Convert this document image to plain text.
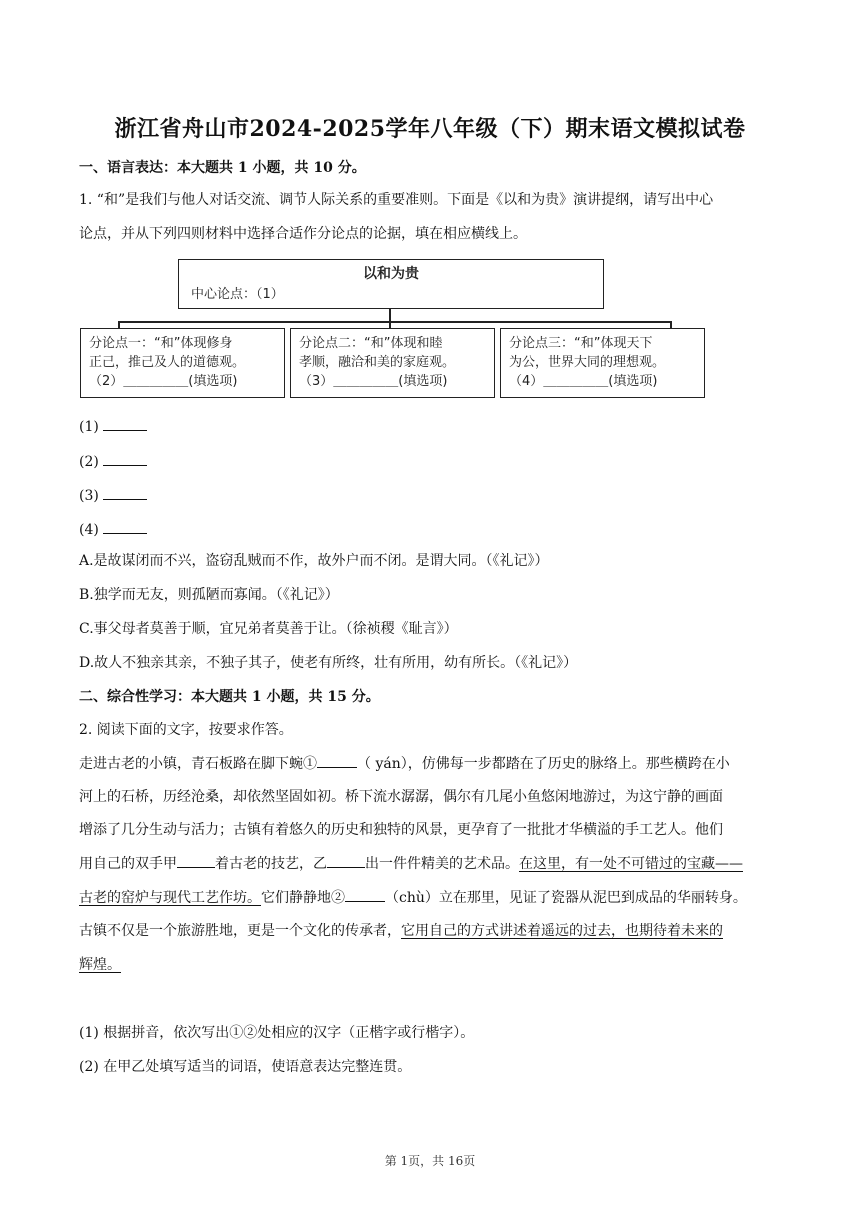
浙江省舟山市2024-2025学年八年级（下）期末语文模拟试卷
一、语言表达：本大题共 1 小题，共 10 分。
1. “和”是我们与他人对话交流、调节人际关系的重要准则。下面是《以和为贵》演讲提纲，请写出中心
论点，并从下列四则材料中选择合适作分论点的论据，填在相应横线上。
以和为贵
中心论点：（1）
分论点一：“和”体现修身
正己，推己及人的道德观。
（2）＿＿＿＿＿(填选项)
分论点二：“和”体现和睦
孝顺，融洽和美的家庭观。
（3）＿＿＿＿＿(填选项)
分论点三：“和”体现天下
为公，世界大同的理想观。
（4）＿＿＿＿＿(填选项)
(1)
(2)
(3)
(4)
A.是故谋闭而不兴，盗窃乱贼而不作，故外户而不闭。是谓大同。（《礼记》）
B.独学而无友，则孤陋而寡闻。（《礼记》）
C.事父母者莫善于顺，宜兄弟者莫善于让。（徐祯稷《耻言》）
D.故人不独亲其亲，不独子其子，使老有所终，壮有所用，幼有所长。（《礼记》）
二、综合性学习：本大题共 1 小题，共 15 分。
2. 阅读下面的文字，按要求作答。
走进古老的小镇，青石板路在脚下蜿①	（ yán），仿佛每一步都踏在了历史的脉络上。那些横跨在小
河上的石桥，历经沧桑，却依然坚固如初。桥下流水潺潺，偶尔有几尾小鱼悠闲地游过，为这宁静的画面
增添了几分生动与活力；古镇有着悠久的历史和独特的风景，更孕育了一批批才华横溢的手工艺人。他们
用自己的双手甲	着古老的技艺，乙	出一件件精美的艺术品。在这里，有一处不可错过的宝藏——
古老的窑炉与现代工艺作坊。它们静静地②	（chù）立在那里，见证了瓷器从泥巴到成品的华丽转身。
古镇不仅是一个旅游胜地，更是一个文化的传承者，它用自己的方式讲述着遥远的过去，也期待着未来的
辉煌。
(1) 根据拼音，依次写出①②处相应的汉字（正楷字或行楷字）。
(2) 在甲乙处填写适当的词语，使语意表达完整连贯。
第 1页，共 16页
